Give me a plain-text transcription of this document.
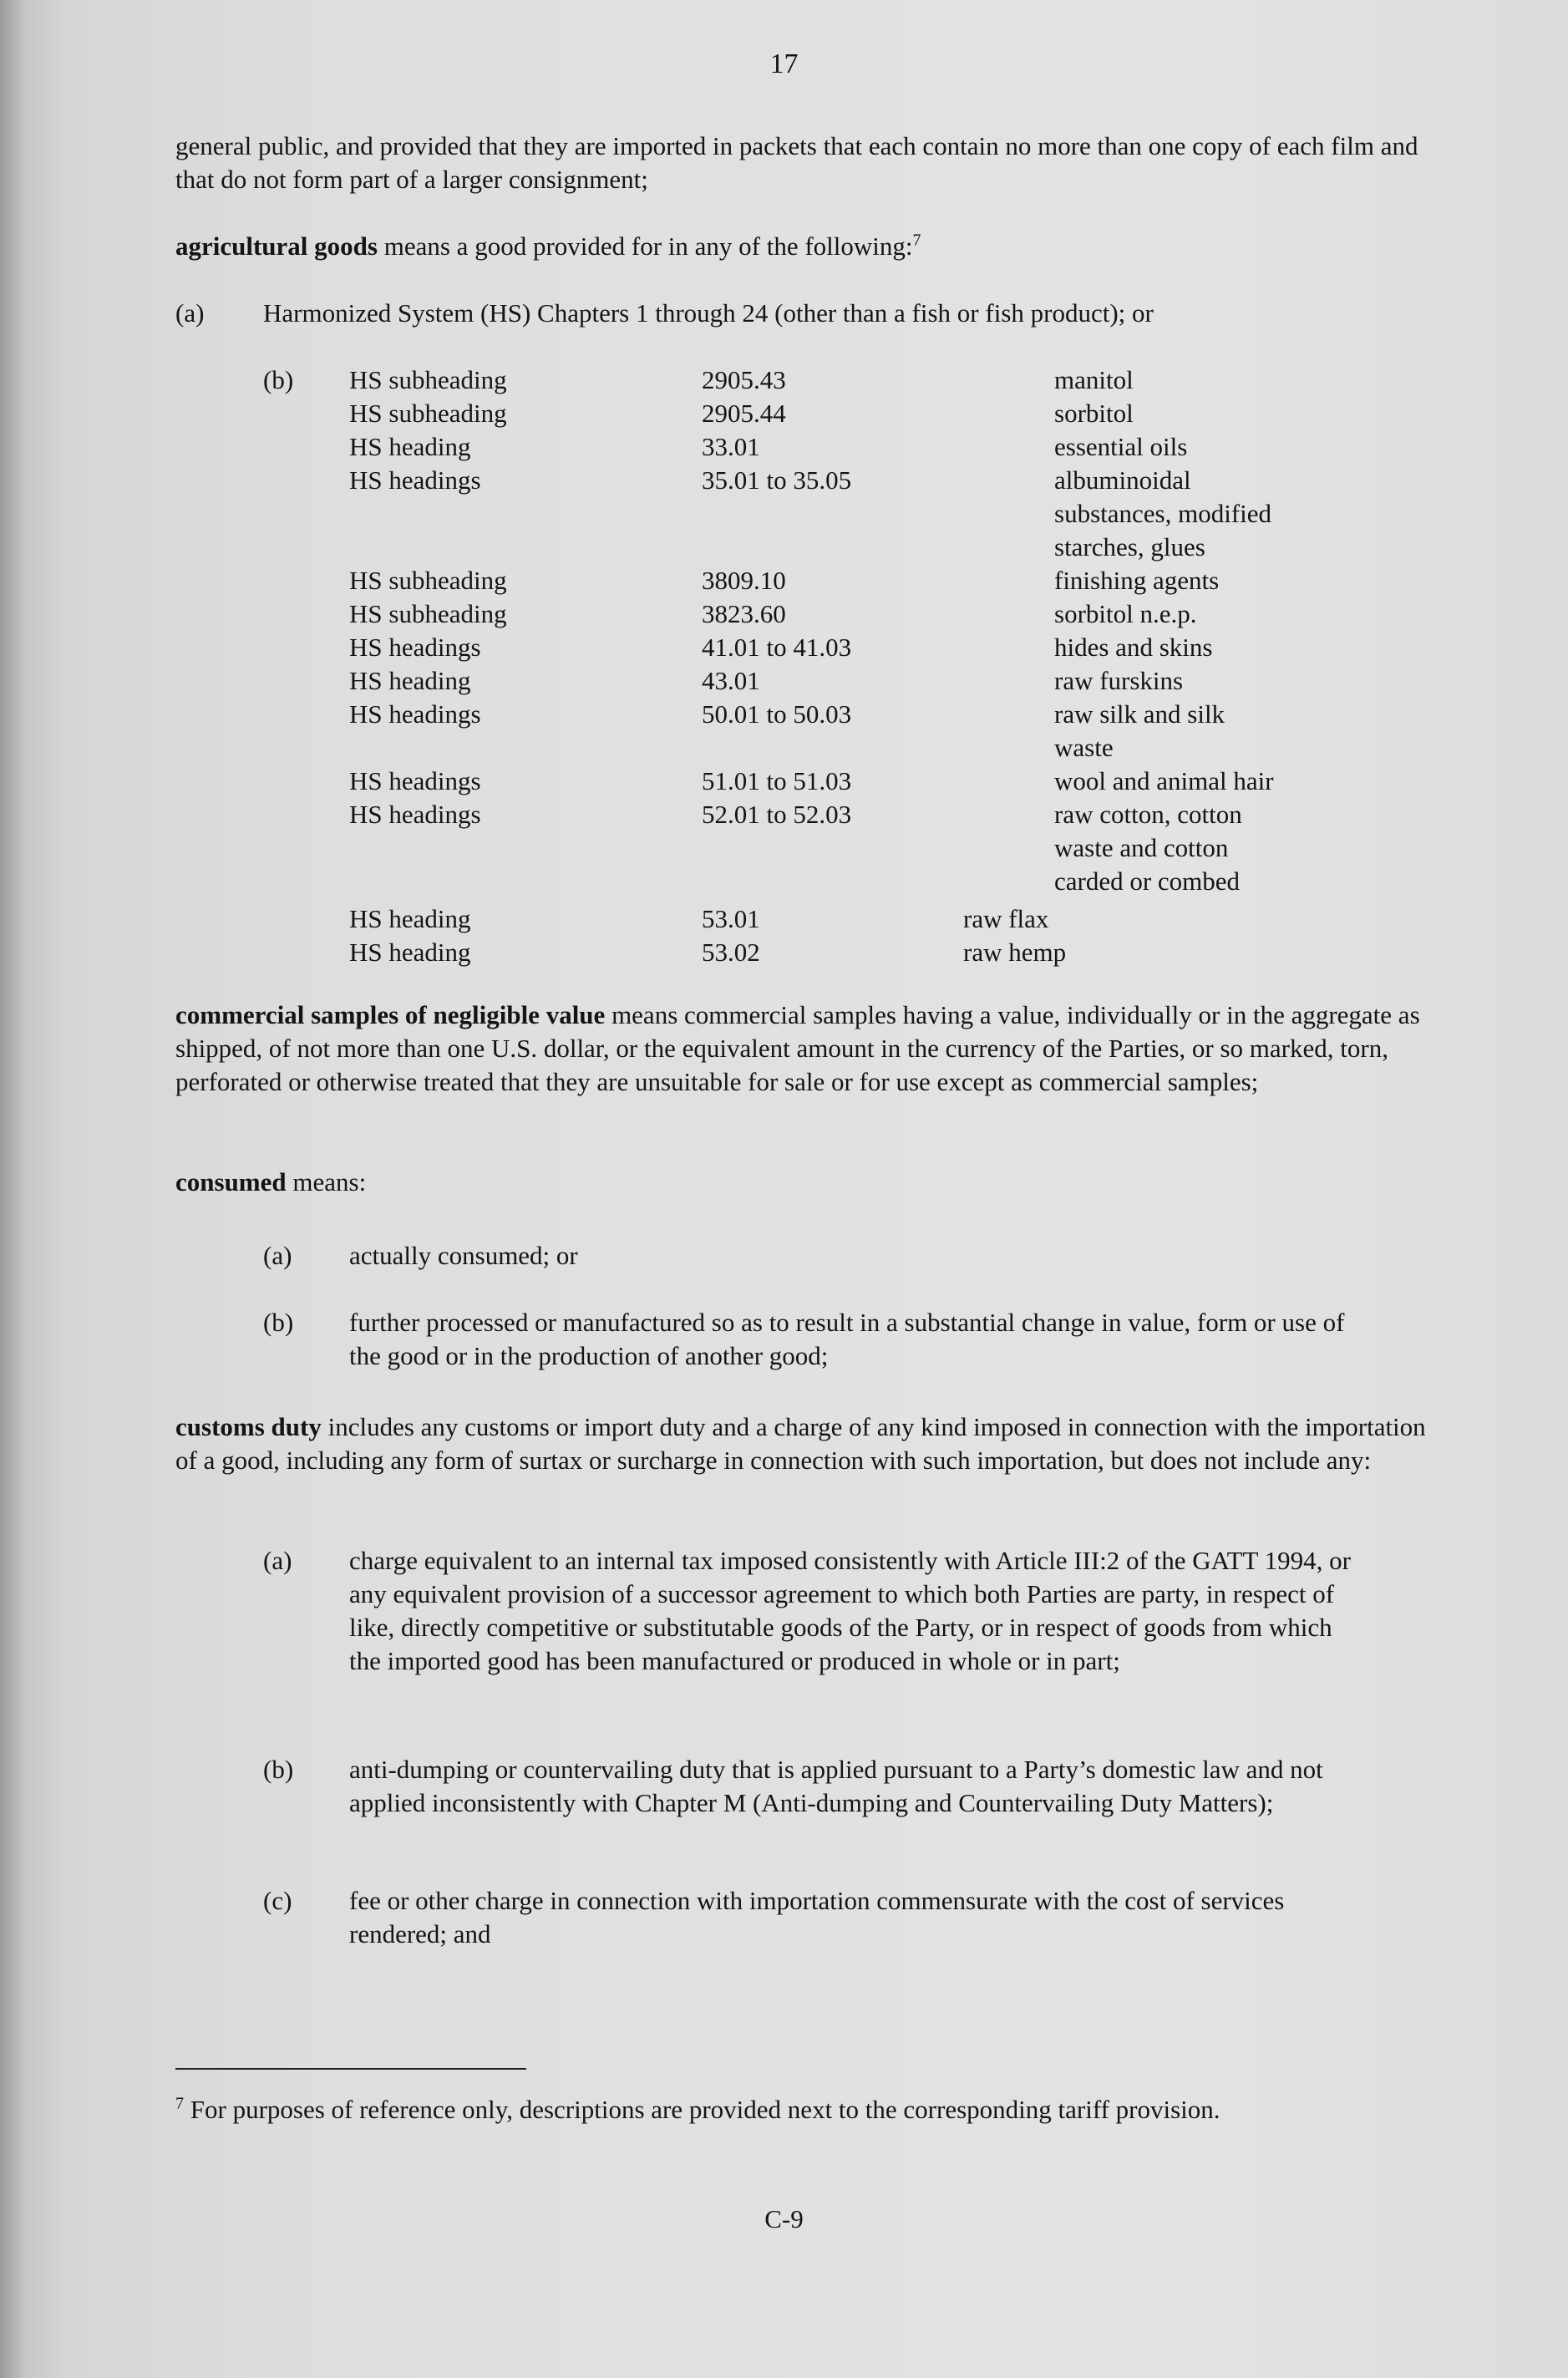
17

general public, and provided that they are imported in packets that each contain no more than one copy of each film and that do not form part of a larger consignment;

agricultural goods means a good provided for in any of the following:$^7$
(a) Harmonized System (HS) Chapters 1 through 24 (other than a fish or fish product); or
(b) HS subheading	2905.43	manitol
HS subheading	2905.44	sorbitol
HS heading	33.01	essential oils
HS headings	35.01 to 35.05	albuminoidal
substances, modified
starches, glues
HS subheading	3809.10	finishing agents
HS subheading	3823.60	sorbitol n.e.p.
HS headings	41.01 to 41.03	hides and skins
HS heading	43.01	raw furskins
HS headings	50.01 to 50.03	raw silk and silk
waste
HS headings	51.01 to 51.03	wool and animal hair
HS headings	52.01 to 52.03	raw cotton, cotton
waste and cotton
carded or combed
HS heading	53.01	raw flax
HS heading	53.02	raw hemp
commercial samples of negligible value means commercial samples having a value, individually or in the aggregate as shipped, of not more than one U.S. dollar, or the equivalent amount in the currency of the Parties, or so marked, torn, perforated or otherwise treated that they are unsuitable for sale or for use except as commercial samples;
consumed means:
(a) actually consumed; or
(b) further processed or manufactured so as to result in a substantial change in value, form or use of the good or in the production of another good;
customs duty includes any customs or import duty and a charge of any kind imposed in connection with the importation of a good, including any form of surtax or surcharge in connection with such importation, but does not include any:
(a) charge equivalent to an internal tax imposed consistently with Article III:2 of the GATT 1994, or any equivalent provision of a successor agreement to which both Parties are party, in respect of like, directly competitive or substitutable goods of the Party, or in respect of goods from which the imported good has been manufactured or produced in whole or in part;
(b) anti-dumping or countervailing duty that is applied pursuant to a Party’s domestic law and not applied inconsistently with Chapter M (Anti-dumping and Countervailing Duty Matters);
(c) fee or other charge in connection with importation commensurate with the cost of services rendered; and
$^7$ For purposes of reference only, descriptions are provided next to the corresponding tariff provision.
C-9
